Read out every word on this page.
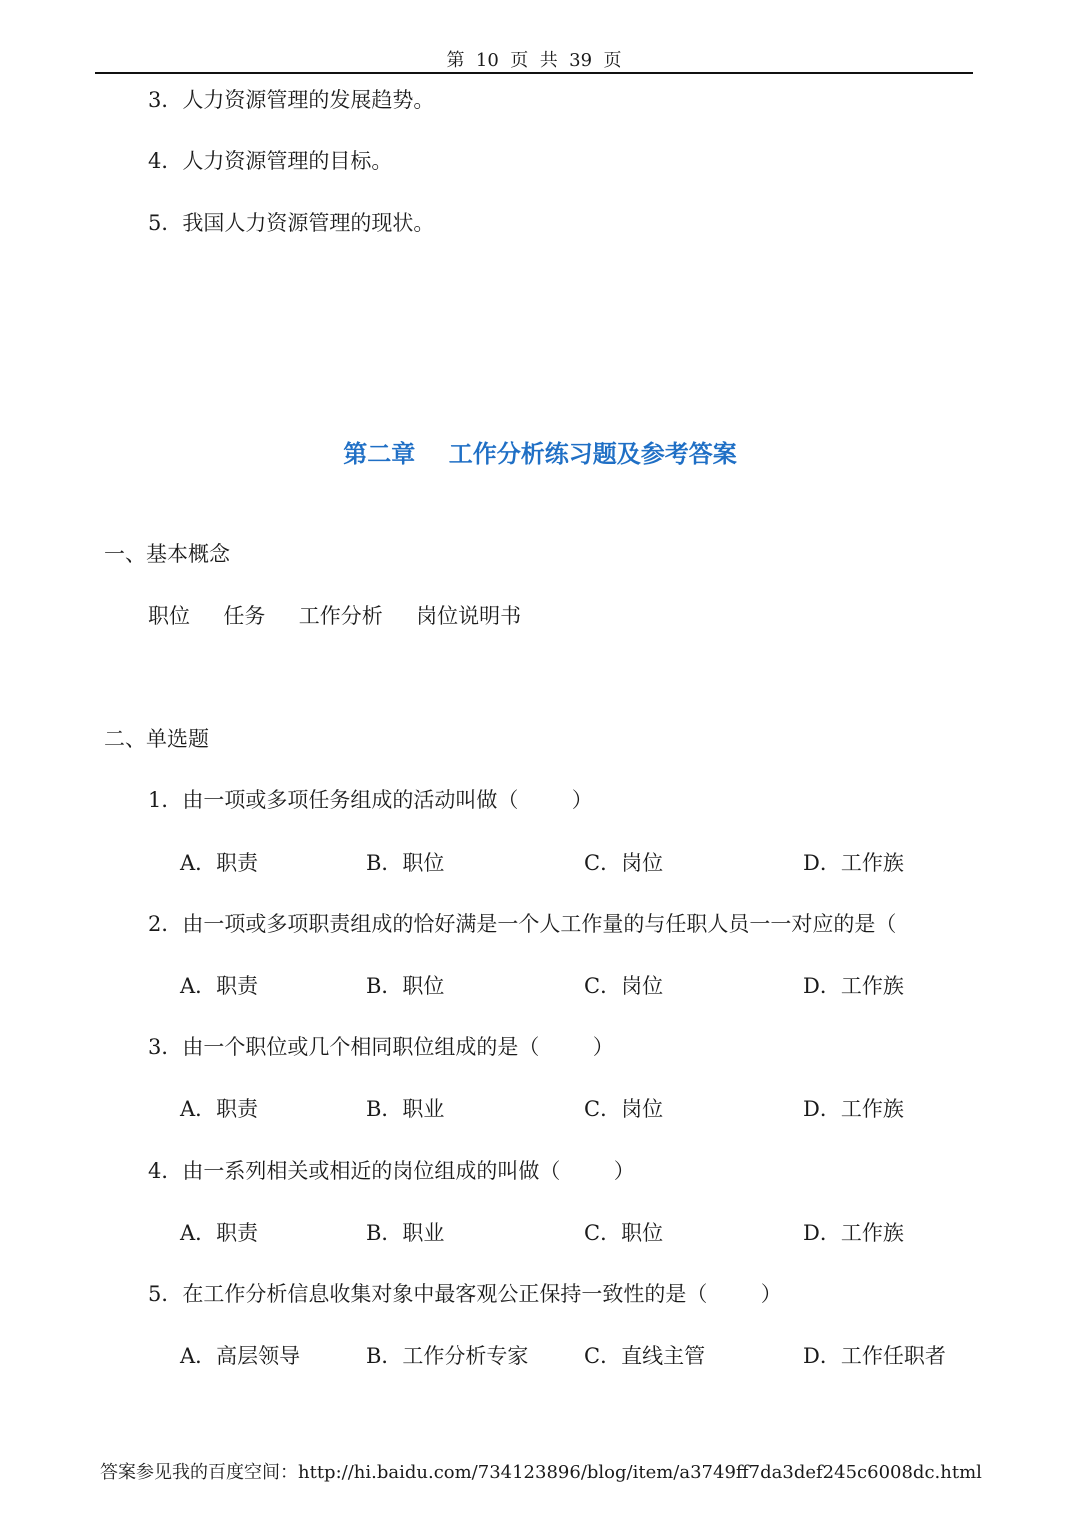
第  10  页  共  39  页
3．人力资源管理的发展趋势。
4．人力资源管理的目标。
5．我国人力资源管理的现状。
第二章    工作分析练习题及参考答案
一、基本概念
职位     任务     工作分析     岗位说明书
二、单选题
1．由一项或多项任务组成的活动叫做（        ）
A．职责	B．职位	C．岗位	D．工作族
2．由一项或多项职责组成的恰好满是一个人工作量的与任职人员一一对应的是（
A．职责	B．职位	C．岗位	D．工作族
3．由一个职位或几个相同职位组成的是（        ）
A．职责	B．职业	C．岗位	D．工作族
4．由一系列相关或相近的岗位组成的叫做（        ）
A．职责	B．职业	C．职位	D．工作族
5．在工作分析信息收集对象中最客观公正保持一致性的是（        ）
A．高层领导	B．工作分析专家	C．直线主管	D．工作任职者
答案参见我的百度空间：http://hi.baidu.com/734123896/blog/item/a3749ff7da3def245c6008dc.html
